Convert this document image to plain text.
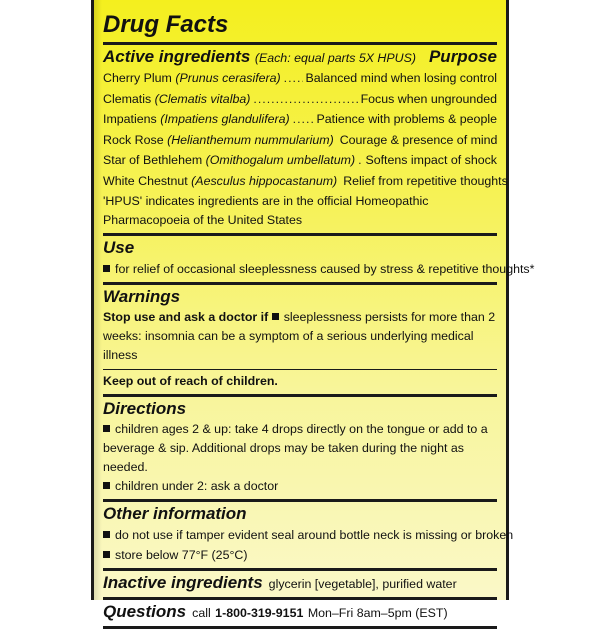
Drug Facts
Active ingredients (Each: equal parts 5X HPUS) Purpose
Cherry Plum
(Prunus cerasifera) ..... Balanced mind when losing control
Clematis
(Clematis vitalba) .....	Focus when ungrounded
Impatiens
(Impatiens glandulifera) ..... Patience with problems & people
Rock Rose
(Helianthemum nummularium) Courage & presence of mind
Star of Bethlehem
(Omithogalum umbellatum) ..... Softens impact of shock
White Chestnut
(Aesculus hippocastanum) Relief from repetitive thoughts
'HPUS' indicates ingredients are in the official Homeopathic Pharmacopoeia of the United States
Use
for relief of occasional sleeplessness caused by stress & repetitive thoughts*
Warnings
Stop use and ask a doctor if sleeplessness persists for more than 2 weeks: insomnia can be a symptom of a serious underlying medical illness
Keep out of reach of children.
Directions
children ages 2 & up: take 4 drops directly on the tongue or add to a beverage & sip. Additional drops may be taken during the night as needed.
children under 2: ask a doctor
Other information
do not use if tamper evident seal around bottle neck is missing or broken
store below 77°F (25°C)
Inactive ingredients glycerin [vegetable], purified water
Questions call
1-800-319-9151
Mon–Fri 8am–5pm (EST)
